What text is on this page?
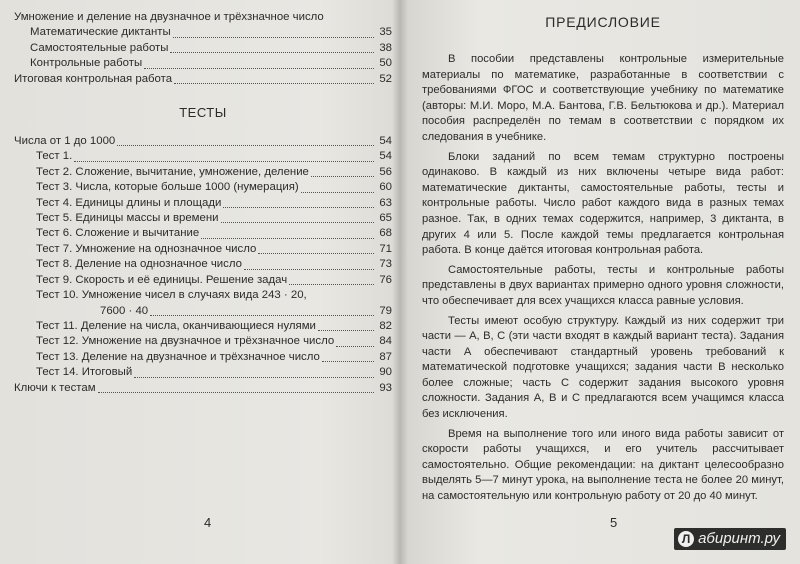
Умножение и деление на двузначное и трёхзначное число
Математические диктанты	35
Самостоятельные работы	38
Контрольные работы	50
Итоговая контрольная работа	52
ТЕСТЫ
Числа от 1 до 1000	54
Тест 1.	54
Тест 2. Сложение, вычитание, умножение, деление	56
Тест 3. Числа, которые больше 1000 (нумерация)	60
Тест 4. Единицы длины и площади	63
Тест 5. Единицы массы и времени	65
Тест 6. Сложение и вычитание	68
Тест 7. Умножение на однозначное число	71
Тест 8. Деление на однозначное число	73
Тест 9. Скорость и её единицы. Решение задач	76
Тест 10. Умножение чисел в случаях вида 243 · 20,
7600 · 40	79
Тест 11. Деление на числа, оканчивающиеся нулями	82
Тест 12. Умножение на двузначное и трёхзначное число	84
Тест 13. Деление на двузначное и трёхзначное число	87
Тест 14. Итоговый	90
Ключи к тестам	93
4
ПРЕДИСЛОВИЕ

В пособии представлены контрольные измерительные материалы по математике, разработанные в соответствии с требованиями ФГОС и соответствующие учебнику по математике (авторы: М.И. Моро, М.А. Бантова, Г.В. Бельтюкова и др.). Материал пособия распределён по темам в соответствии с порядком их следования в учебнике.

Блоки заданий по всем темам структурно построены одинаково. В каждый из них включены четыре вида работ: математические диктанты, самостоятельные работы, тесты и контрольные работы. Число работ каждого вида в разных темах разное. Так, в одних темах содержится, например, 3 диктанта, в других 4 или 5. После каждой темы предлагается контрольная работа. В конце даётся итоговая контрольная работа.

Самостоятельные работы, тесты и контрольные работы представлены в двух вариантах примерно одного уровня сложности, что обеспечивает для всех учащихся класса равные условия.

Тесты имеют особую структуру. Каждый из них содержит три части — А, В, С (эти части входят в каждый вариант теста). Задания части А обеспечивают стандартный уровень требований к математической подготовке учащихся; задания части В несколько более сложные; часть С содержит задания высокого уровня сложности. Задания А, В и С предлагаются всем учащимся класса без исключения.

Время на выполнение того или иного вида работы зависит от скорости работы учащихся, и его учитель рассчитывает самостоятельно. Общие рекомендации: на диктант целесообразно выделять 5—7 минут урока, на выполнение теста не более 20 минут, на самостоятельную или контрольную работу от 20 до 40 минут.

5
Л абиринт.ру
